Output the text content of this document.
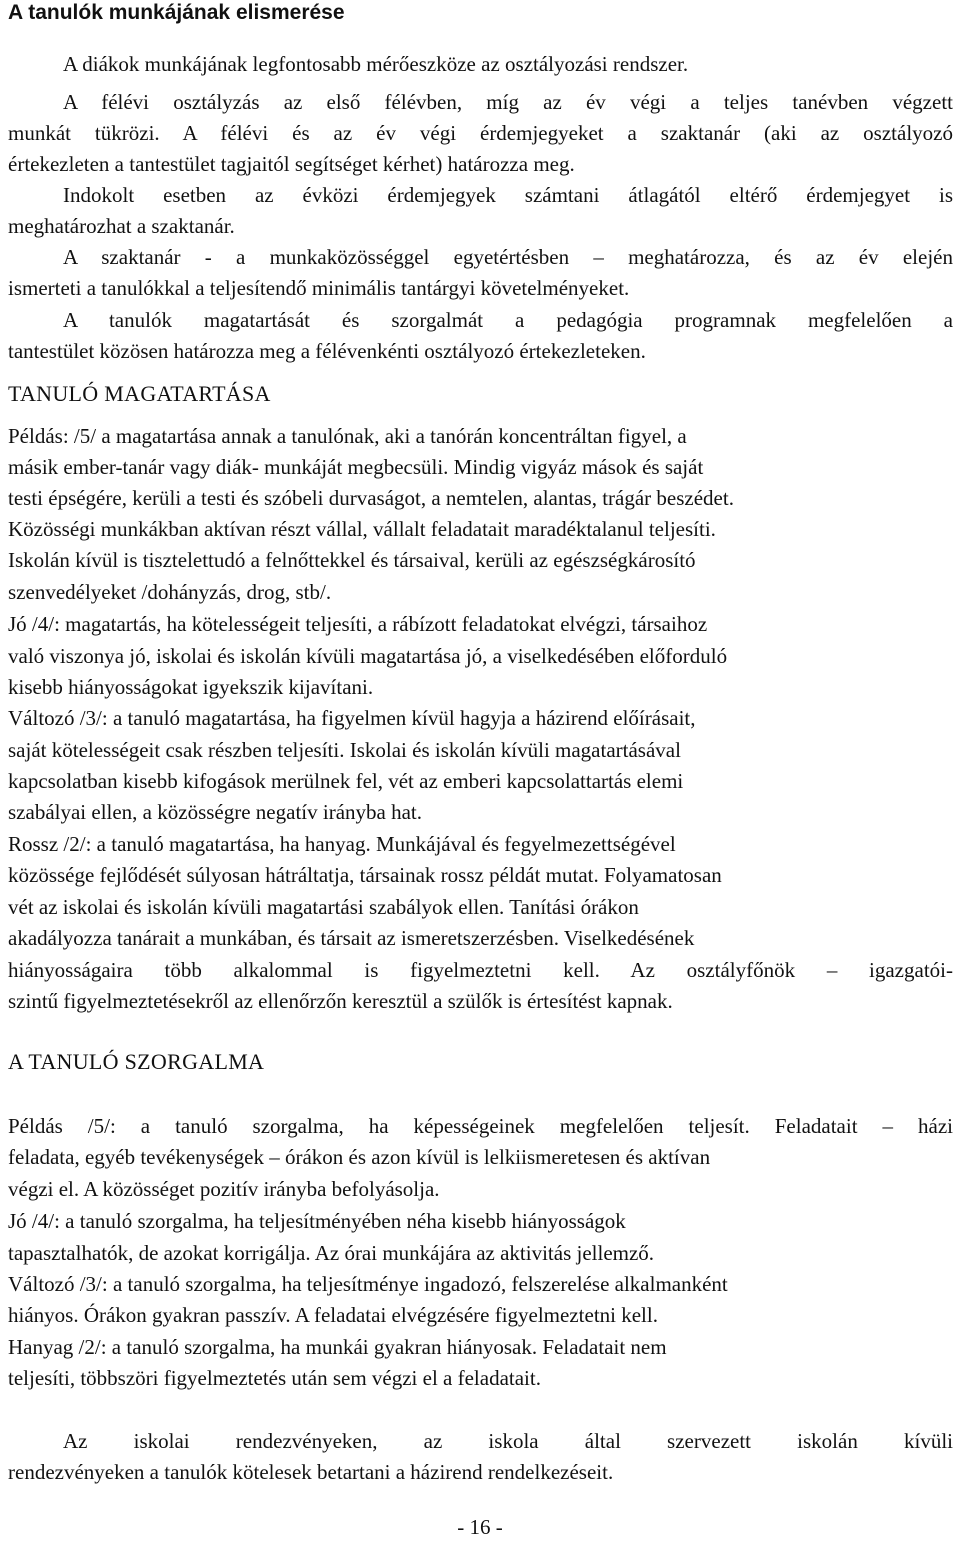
A tanulók munkájának elismerése
A diákok munkájának legfontosabb mérőeszköze az osztályozási rendszer.
A félévi osztályzás az első félévben, míg az év végi a teljes tanévben végzett
munkát tükrözi. A félévi és az év végi érdemjegyeket a szaktanár (aki az osztályozó
értekezleten a tantestület tagjaitól segítséget kérhet) határozza meg.
Indokolt esetben az évközi érdemjegyek számtani átlagától eltérő érdemjegyet is
meghatározhat a szaktanár.
A szaktanár - a munkaközösséggel egyetértésben – meghatározza, és az év elején
ismerteti a tanulókkal a teljesítendő minimális tantárgyi követelményeket.
A tanulók magatartását és szorgalmát a pedagógia programnak megfelelően a
tantestület közösen határozza meg a félévenkénti osztályozó értekezleteken.
TANULÓ MAGATARTÁSA
Példás: /5/ a magatartása annak a tanulónak, aki a tanórán koncentráltan figyel, a
másik ember-tanár vagy diák- munkáját megbecsüli. Mindig vigyáz mások és saját
testi épségére, kerüli a testi és szóbeli durvaságot, a nemtelen, alantas, trágár beszédet.
Közösségi munkákban aktívan részt vállal, vállalt feladatait maradéktalanul teljesíti.
Iskolán kívül is tisztelettudó a felnőttekkel és társaival, kerüli az egészségkárosító
szenvedélyeket /dohányzás, drog, stb/.
Jó /4/: magatartás, ha kötelességeit teljesíti, a rábízott feladatokat elvégzi, társaihoz
való viszonya jó, iskolai és iskolán kívüli magatartása jó, a viselkedésében előforduló
kisebb hiányosságokat igyekszik kijavítani.
Változó /3/: a tanuló magatartása, ha figyelmen kívül hagyja a házirend előírásait,
saját kötelességeit csak részben teljesíti. Iskolai és iskolán kívüli magatartásával
kapcsolatban kisebb kifogások merülnek fel, vét az emberi kapcsolattartás elemi
szabályai ellen, a közösségre negatív irányba hat.
Rossz /2/: a tanuló magatartása, ha hanyag. Munkájával és fegyelmezettségével
közössége fejlődését súlyosan hátráltatja, társainak rossz példát mutat. Folyamatosan
vét az iskolai és iskolán kívüli magatartási szabályok ellen. Tanítási órákon
akadályozza tanárait a munkában, és társait az ismeretszerzésben. Viselkedésének
hiányosságaira több alkalommal is figyelmeztetni kell. Az osztályfőnök – igazgatói-
szintű figyelmeztetésekről az ellenőrzőn keresztül a szülők is értesítést kapnak.
A TANULÓ SZORGALMA
Példás /5/: a tanuló szorgalma, ha képességeinek megfelelően teljesít. Feladatait – házi
feladata, egyéb tevékenységek – órákon és azon kívül is lelkiismeretesen és aktívan
végzi el. A közösséget pozitív irányba befolyásolja.
Jó /4/: a tanuló szorgalma, ha teljesítményében néha kisebb hiányosságok
tapasztalhatók, de azokat korrigálja. Az órai munkájára az aktivitás jellemző.
Változó /3/: a tanuló szorgalma, ha teljesítménye ingadozó, felszerelése alkalmanként
hiányos. Órákon gyakran passzív. A feladatai elvégzésére figyelmeztetni kell.
Hanyag /2/: a tanuló szorgalma, ha munkái gyakran hiányosak. Feladatait nem
teljesíti, többszöri figyelmeztetés után sem végzi el a feladatait.
Az iskolai rendezvényeken, az iskola által szervezett iskolán kívüli
rendezvényeken a tanulók kötelesek betartani a házirend rendelkezéseit.
- 16 -
